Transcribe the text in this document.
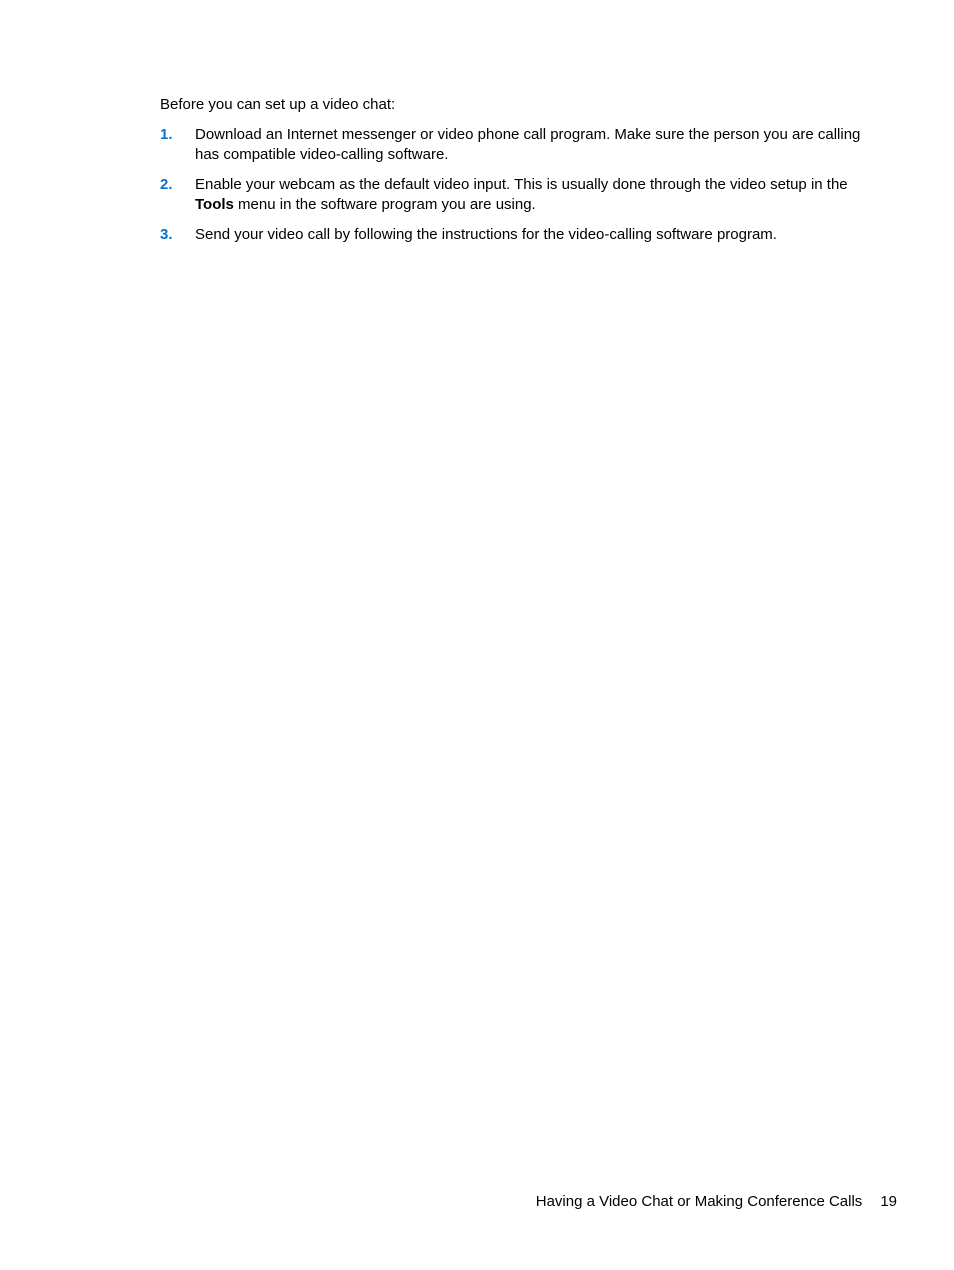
Before you can set up a video chat:

1. Download an Internet messenger or video phone call program. Make sure the person you are calling has compatible video-calling software.
2. Enable your webcam as the default video input. This is usually done through the video setup in the Tools menu in the software program you are using.
3. Send your video call by following the instructions for the video-calling software program.
Having a Video Chat or Making Conference Calls 19
